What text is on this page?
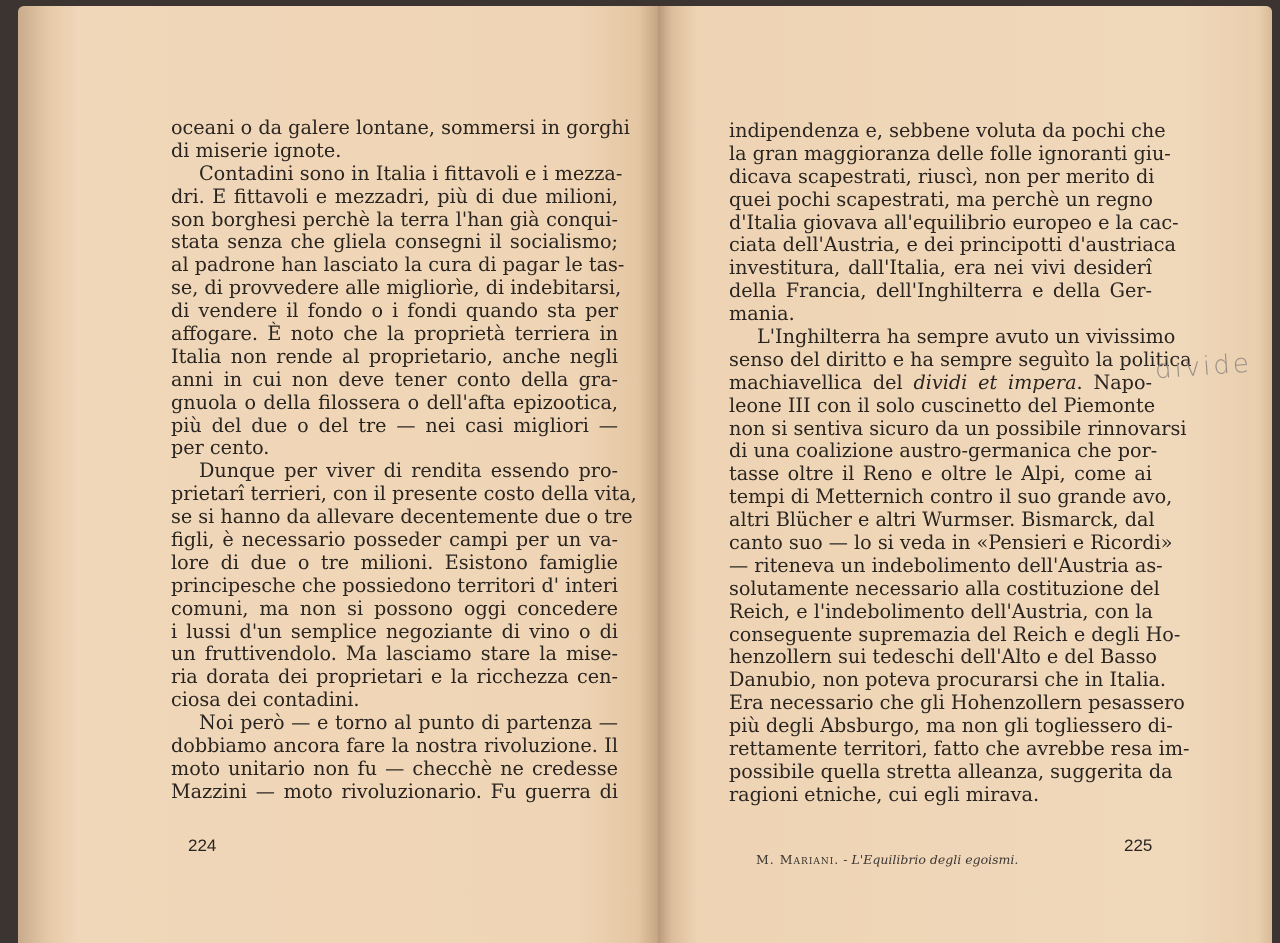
oceani o da galere lontane, sommersi in gorghi
di miserie ignote.
Contadini sono in Italia i fittavoli e i mezza-
dri. E fittavoli e mezzadri, più di due milioni,
son borghesi perchè la terra l'han già conqui-
stata senza che gliela consegni il socialismo;
al padrone han lasciato la cura di pagar le tas-
se, di provvedere alle migliorìe, di indebitarsi,
di vendere il fondo o i fondi quando sta per
affogare. È noto che la proprietà terriera in
Italia non rende al proprietario, anche negli
anni in cui non deve tener conto della gra-
gnuola o della filossera o dell'afta epizootica,
più del due o del tre — nei casi migliori —
per cento.
Dunque per viver di rendita essendo pro-
prietarî terrieri, con il presente costo della vita,
se si hanno da allevare decentemente due o tre
figli, è necessario posseder campi per un va-
lore di due o tre milioni. Esistono famiglie
principesche che possiedono territori d' interi
comuni, ma non si possono oggi concedere
i lussi d'un semplice negoziante di vino o di
un fruttivendolo. Ma lasciamo stare la mise-
ria dorata dei proprietari e la ricchezza cen-
ciosa dei contadini.
Noi però — e torno al punto di partenza —
dobbiamo ancora fare la nostra rivoluzione. Il
moto unitario non fu — checchè ne credesse
Mazzini — moto rivoluzionario. Fu guerra di
224
indipendenza e, sebbene voluta da pochi che
la gran maggioranza delle folle ignoranti giu-
dicava scapestrati, riuscì, non per merito di
quei pochi scapestrati, ma perchè un regno
d'Italia giovava all'equilibrio europeo e la cac-
ciata dell'Austria, e dei principotti d'austriaca
investitura, dall'Italia, era nei vivi desiderî
della Francia, dell'Inghilterra e della Ger-
mania.
L'Inghilterra ha sempre avuto un vivissimo
senso del diritto e ha sempre seguìto la politica
machiavellica del dividi et impera. Napo-
leone III con il solo cuscinetto del Piemonte
non si sentiva sicuro da un possibile rinnovarsi
di una coalizione austro-germanica che por-
tasse oltre il Reno e oltre le Alpi, come ai
tempi di Metternich contro il suo grande avo,
altri Blücher e altri Wurmser. Bismarck, dal
canto suo — lo si veda in «Pensieri e Ricordi»
— riteneva un indebolimento dell'Austria as-
solutamente necessario alla costituzione del
Reich, e l'indebolimento dell'Austria, con la
conseguente supremazia del Reich e degli Ho-
henzollern sui tedeschi dell'Alto e del Basso
Danubio, non poteva procurarsi che in Italia.
Era necessario che gli Hohenzollern pesassero
più degli Absburgo, ma non gli togliessero di-
rettamente territori, fatto che avrebbe resa im-
possibile quella stretta alleanza, suggerita da
ragioni etniche, cui egli mirava.
225
M. Mariani. - L'Equilibrio degli egoismi.
divide
